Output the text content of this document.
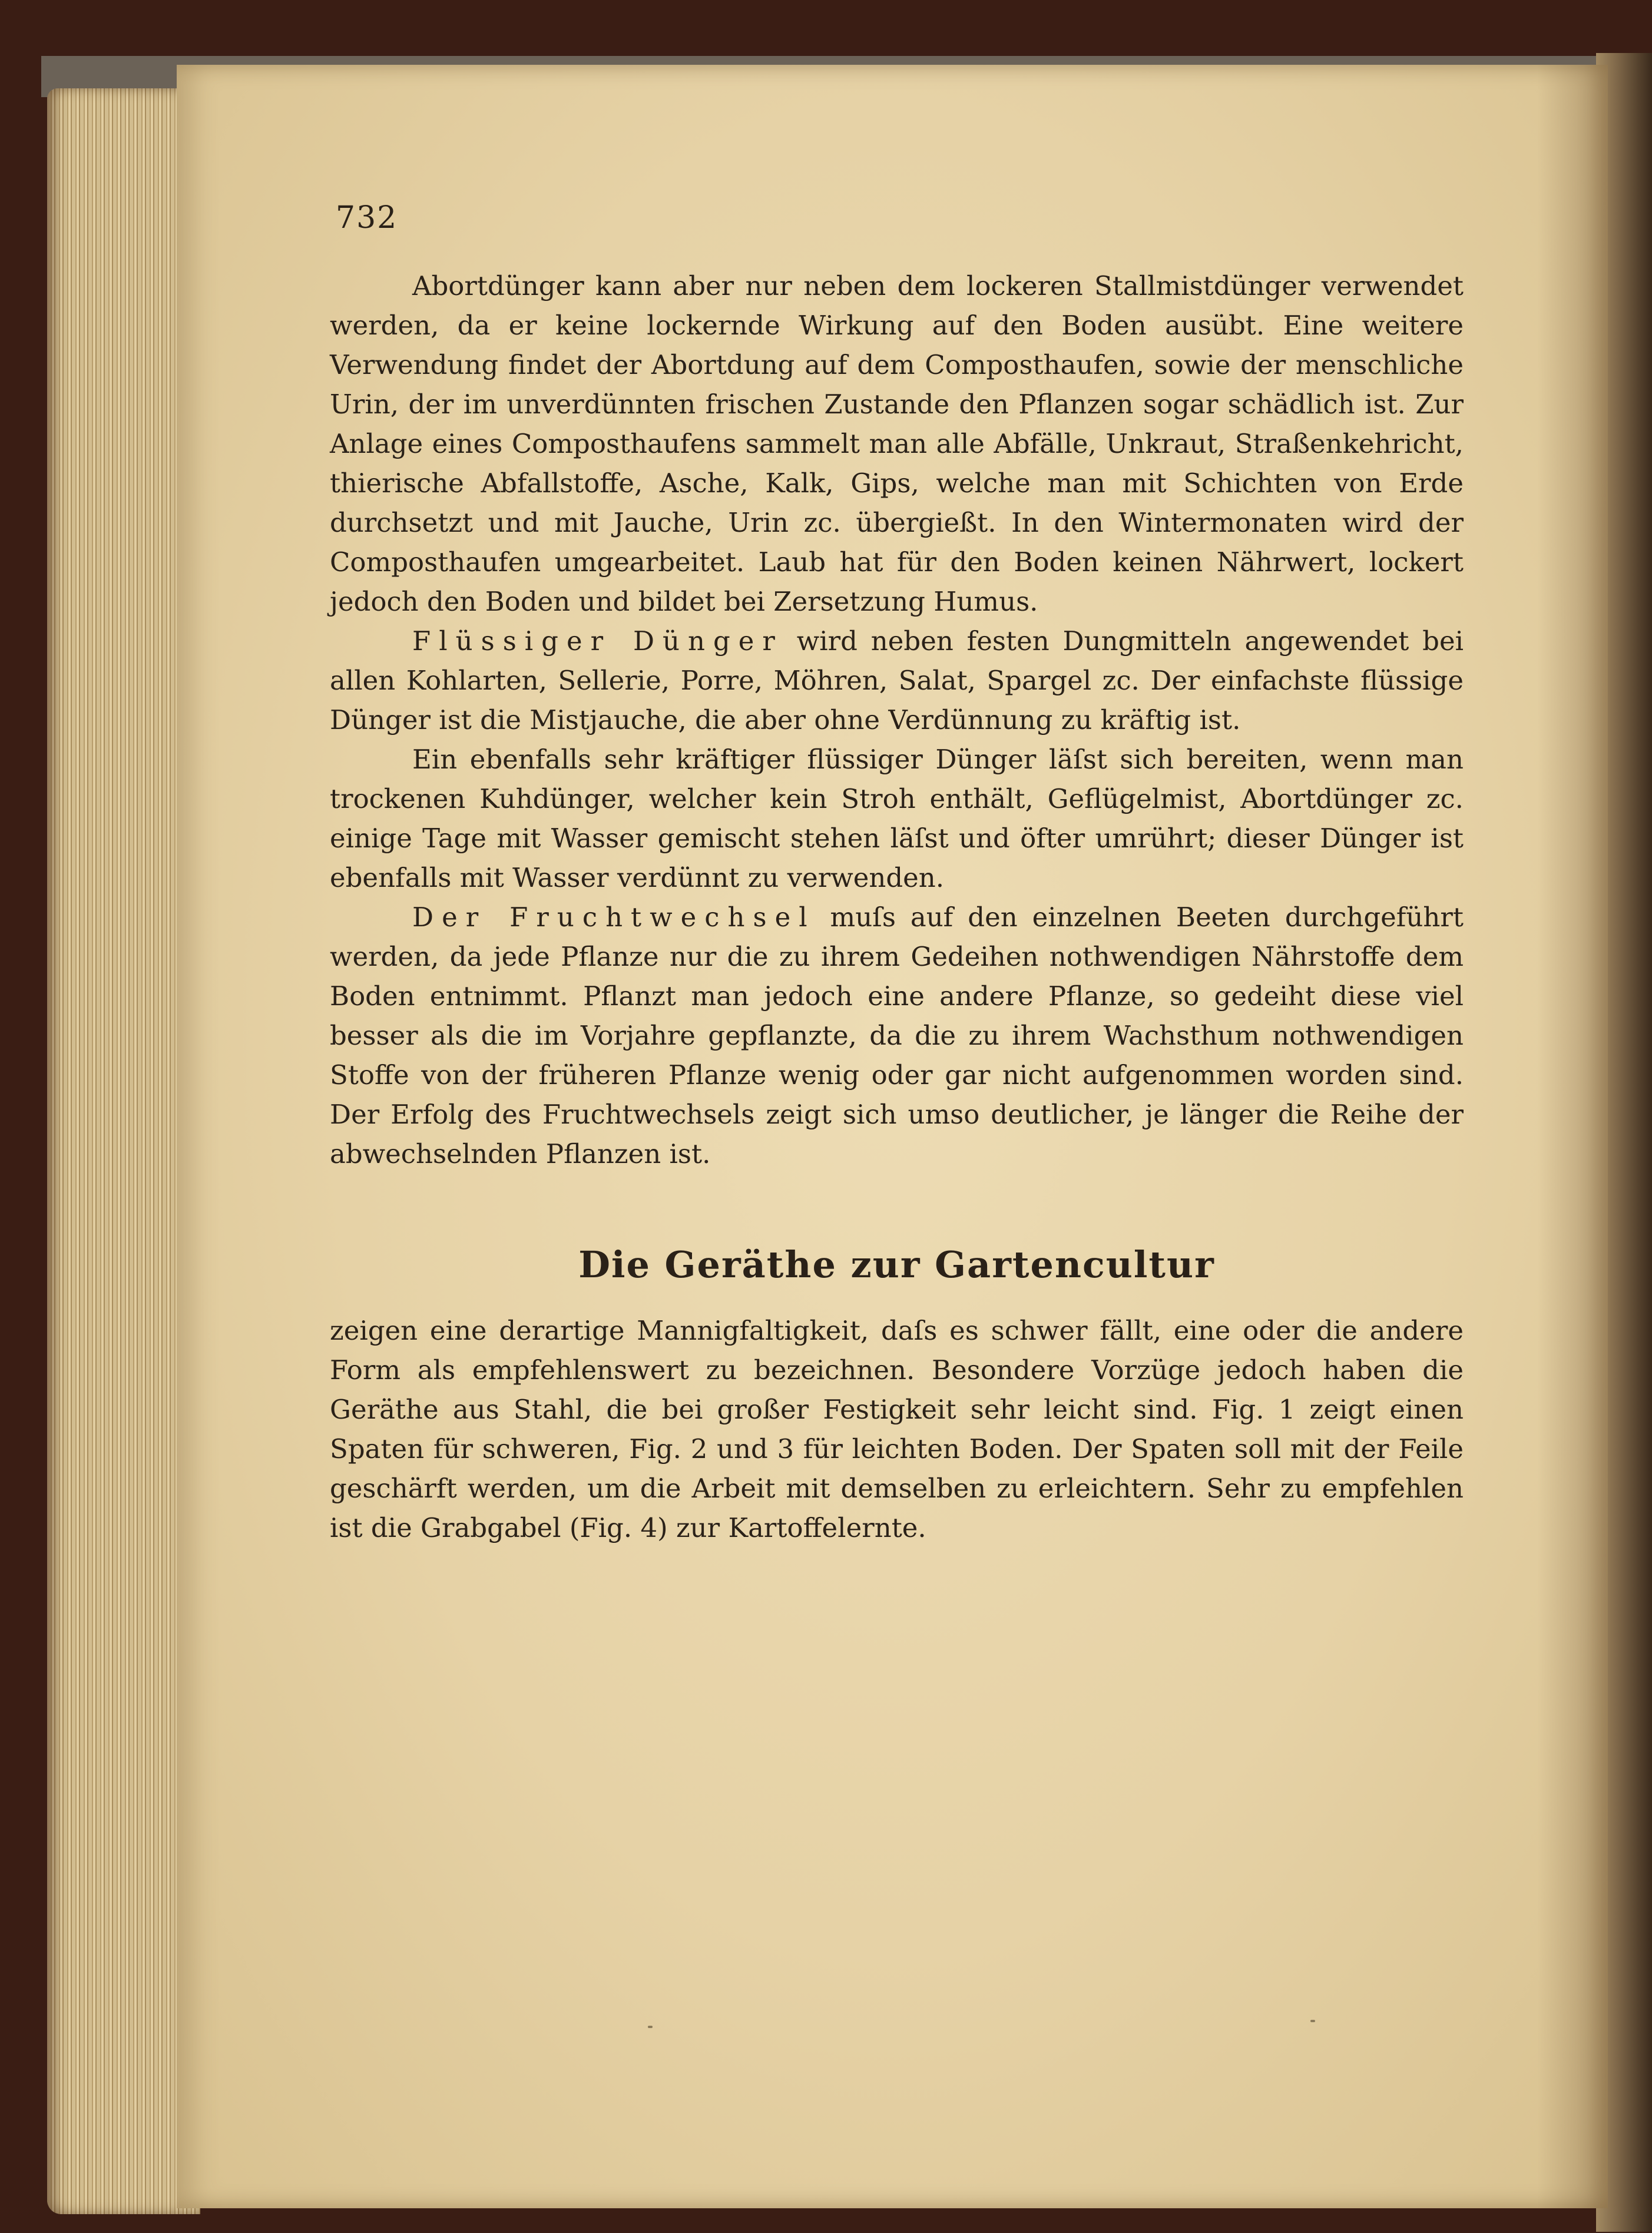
732

Abortdünger kann aber nur neben dem lockeren Stallmistdünger verwendet werden, da er keine lockernde Wirkung auf den Boden ausübt. Eine weitere Verwendung findet der Abortdung auf dem Composthaufen, sowie der menschliche Urin, der im unverdünnten frischen Zustande den Pflanzen sogar schädlich ist. Zur Anlage eines Composthaufens sammelt man alle Abfälle, Unkraut, Straßenkehricht, thierische Abfallstoffe, Asche, Kalk, Gips, welche man mit Schichten von Erde durchsetzt und mit Jauche, Urin zc. übergießt. In den Wintermonaten wird der Composthaufen umgearbeitet. Laub hat für den Boden keinen Nährwert, lockert jedoch den Boden und bildet bei Zersetzung Humus.

Flüssiger Dünger wird neben festen Dungmitteln angewendet bei allen Kohlarten, Sellerie, Porre, Möhren, Salat, Spargel zc. Der einfachste flüssige Dünger ist die Mistjauche, die aber ohne Verdünnung zu kräftig ist.

Ein ebenfalls sehr kräftiger flüssiger Dünger läſst sich bereiten, wenn man trockenen Kuhdünger, welcher kein Stroh enthält, Geflügelmist, Abortdünger zc. einige Tage mit Wasser gemischt stehen läſst und öfter umrührt; dieser Dünger ist ebenfalls mit Wasser verdünnt zu verwenden.

Der Fruchtwechsel muſs auf den einzelnen Beeten durchgeführt werden, da jede Pflanze nur die zu ihrem Gedeihen nothwendigen Nährstoffe dem Boden entnimmt. Pflanzt man jedoch eine andere Pflanze, so gedeiht diese viel besser als die im Vorjahre gepflanzte, da die zu ihrem Wachsthum nothwendigen Stoffe von der früheren Pflanze wenig oder gar nicht aufgenommen worden sind. Der Erfolg des Fruchtwechsels zeigt sich umso deutlicher, je länger die Reihe der abwechselnden Pflanzen ist.

Die Geräthe zur Gartencultur

zeigen eine derartige Mannigfaltigkeit, daſs es schwer fällt, eine oder die andere Form als empfehlenswert zu bezeichnen. Besondere Vorzüge jedoch haben die Geräthe aus Stahl, die bei großer Festigkeit sehr leicht sind. Fig. 1 zeigt einen Spaten für schweren, Fig. 2 und 3 für leichten Boden. Der Spaten soll mit der Feile geschärft werden, um die Arbeit mit demselben zu erleichtern. Sehr zu empfehlen ist die Grabgabel (Fig. 4) zur Kartoffelernte.
